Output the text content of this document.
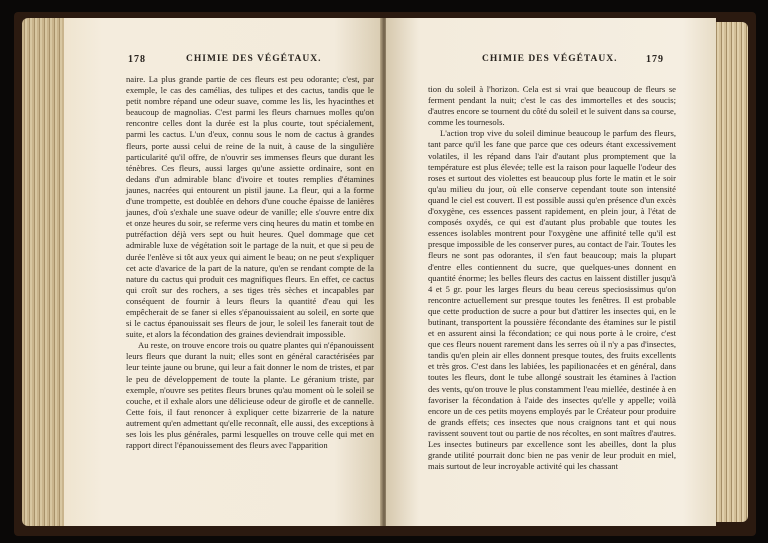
178	CHIMIE DES VÉGÉTAUX.

naire. La plus grande partie de ces fleurs est peu odorante; c'est, par exemple, le cas des camélias, des tulipes et des cactus, tandis que le petit nombre répand une odeur suave, comme les lis, les hyacinthes et beaucoup de magnolias. C'est parmi les fleurs charnues molles qu'on rencontre celles dont la durée est la plus courte, tout spécialement, parmi les cactus. L'un d'eux, connu sous le nom de cactus à grandes fleurs, porte aussi celui de reine de la nuit, à cause de la singulière particularité qu'il offre, de n'ouvrir ses immenses fleurs que durant les ténèbres. Ces fleurs, aussi larges qu'une assiette ordinaire, sont en dedans d'un admirable blanc d'ivoire et toutes remplies d'étamines jaunes, nacrées qui entourent un pistil jaune. La fleur, qui a la forme d'une trompette, est doublée en dehors d'une couche épaisse de lanières jaunes, d'où s'exhale une suave odeur de vanille; elle s'ouvre entre dix et onze heures du soir, se referme vers cinq heures du matin et tombe en putréfaction déjà vers sept ou huit heures. Quel dommage que cet admirable luxe de végétation soit le partage de la nuit, et que si peu de durée l'enlève si tôt aux yeux qui aiment le beau; on ne peut s'expliquer cet acte d'avarice de la part de la nature, qu'en se rendant compte de la nature du cactus qui produit ces magnifiques fleurs. En effet, ce cactus qui croît sur des rochers, a ses tiges très sèches et incapables par conséquent de fournir à leurs fleurs la quantité d'eau qui les empêcherait de se faner si elles s'épanouissaient au soleil, en sorte que si le cactus épanouissait ses fleurs de jour, le soleil les fanerait tout de suite, et alors la fécondation des graines deviendrait impossible.

Au reste, on trouve encore trois ou quatre plantes qui n'épanouissent leurs fleurs que durant la nuit; elles sont en général caractérisées par leur teinte jaune ou brune, qui leur a fait donner le nom de tristes, et par le peu de développement de toute la plante. Le géranium triste, par exemple, n'ouvre ses petites fleurs brunes qu'au moment où le soleil se couche, et il exhale alors une délicieuse odeur de girofle et de cannelle. Cette fois, il faut renoncer à expliquer cette bizarrerie de la nature autrement qu'en admettant qu'elle reconnaît, elle aussi, des exceptions à ses lois les plus générales, parmi lesquelles on trouve celle qui met en rapport direct l'épanouissement des fleurs avec l'apparition

CHIMIE DES VÉGÉTAUX.	179

tion du soleil à l'horizon. Cela est si vrai que beaucoup de fleurs se ferment pendant la nuit; c'est le cas des immortelles et des soucis; d'autres encore se tournent du côté du soleil et le suivent dans sa course, comme les tournesols.

L'action trop vive du soleil diminue beaucoup le parfum des fleurs, tant parce qu'il les fane que parce que ces odeurs étant excessivement volatiles, il les répand dans l'air d'autant plus promptement que la température est plus élevée; telle est la raison pour laquelle l'odeur des roses et surtout des violettes est beaucoup plus forte le matin et le soir qu'au milieu du jour, où elle conserve cependant toute son intensité quand le ciel est couvert. Il est possible aussi qu'en présence d'un excès d'oxygène, ces essences passent rapidement, en plein jour, à l'état de composés oxydés, ce qui est d'autant plus probable que toutes les essences isolables montrent pour l'oxygène une affinité telle qu'il est presque impossible de les conserver pures, au contact de l'air. Toutes les fleurs ne sont pas odorantes, il s'en faut beaucoup; mais la plupart d'entre elles contiennent du sucre, que quelques-unes donnent en quantité énorme; les belles fleurs des cactus en laissent distiller jusqu'à 4 et 5 gr. pour les larges fleurs du beau cereus speciosissimus qu'on rencontre actuellement sur presque toutes les fenêtres. Il est probable que cette production de sucre a pour but d'attirer les insectes qui, en le butinant, transportent la poussière fécondante des étamines sur le pistil et en assurent ainsi la fécondation; ce qui nous porte à le croire, c'est que ces fleurs nouent rarement dans les serres où il n'y a pas d'insectes, tandis qu'en plein air elles donnent presque toutes, des fruits excellents et très gros. C'est dans les labiées, les papilionacées et en général, dans toutes les fleurs, dont le tube allongé soustrait les étamines à l'action des vents, qu'on trouve le plus constamment l'eau miellée, destinée à en favoriser la fécondation à l'aide des insectes qu'elle y appelle; voilà encore un de ces petits moyens employés par le Créateur pour produire de grands effets; ces insectes que nous craignons tant et qui nous ravissent souvent tout ou partie de nos récoltes, en sont maîtres d'autres. Les insectes butineurs par excellence sont les abeilles, dont la plus grande utilité pourrait donc bien ne pas venir de leur produit en miel, mais surtout de leur incroyable activité qui les chassant
